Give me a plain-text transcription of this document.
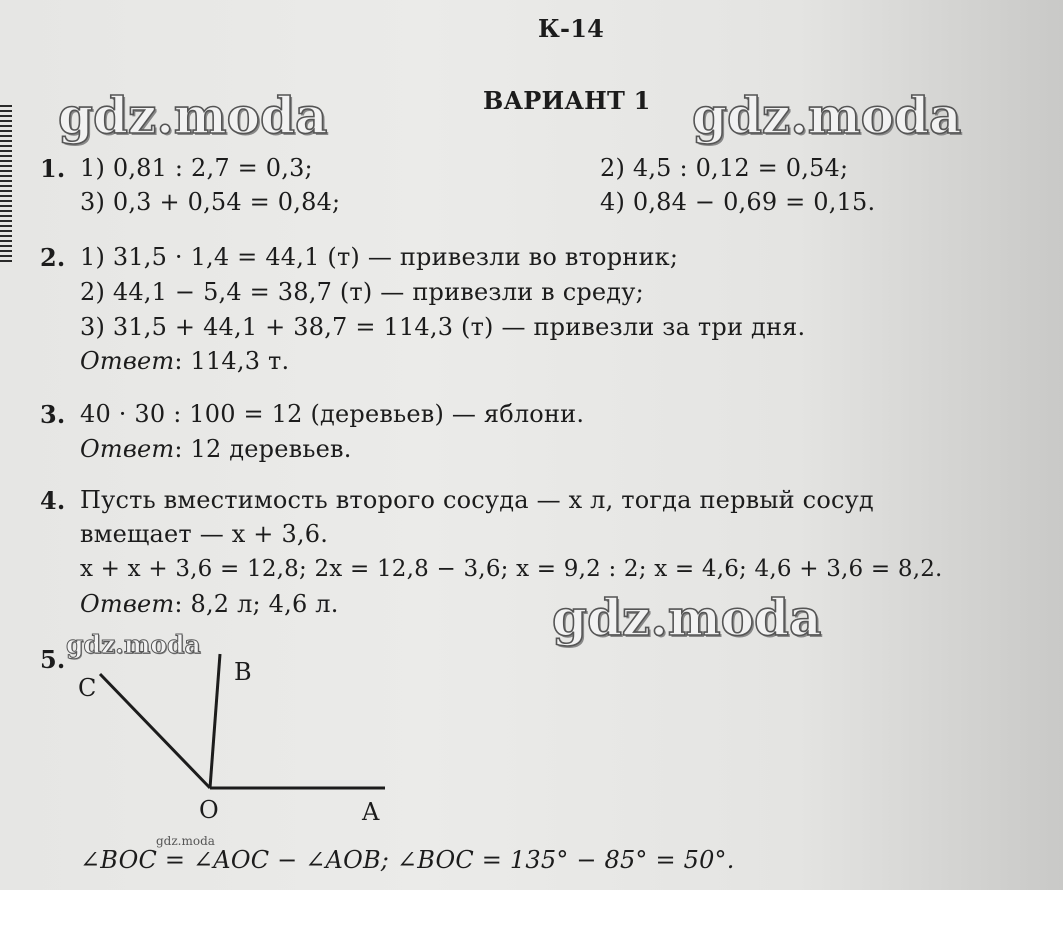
К-14
ВАРИАНТ 1
1. 1) 0,81 : 2,7 = 0,3;	2) 4,5 : 0,12 = 0,54;
3) 0,3 + 0,54 = 0,84;	4) 0,84 − 0,69 = 0,15.
2. 1) 31,5 · 1,4 = 44,1 (т) — привезли во вторник;
2) 44,1 − 5,4 = 38,7 (т) — привезли в среду;
3) 31,5 + 44,1 + 38,7 = 114,3 (т) — привезли за три дня.
Ответ: 114,3 т.
3. 40 · 30 : 100 = 12 (деревьев) — яблони.
Ответ: 12 деревьев.
4. Пусть вместимость второго сосуда — x л, тогда первый сосуд
вмещает — x + 3,6.
x + x + 3,6 = 12,8; 2x = 12,8 − 3,6; x = 9,2 : 2; x = 4,6; 4,6 + 3,6 = 8,2.
Ответ: 8,2 л; 4,6 л.
5.
C
B
O	A
∠BOC = ∠AOC − ∠AOB; ∠BOC = 135° − 85° = 50°.
gdz.moda	gdz.moda
gdz.moda
gdz.moda
gdz.moda
